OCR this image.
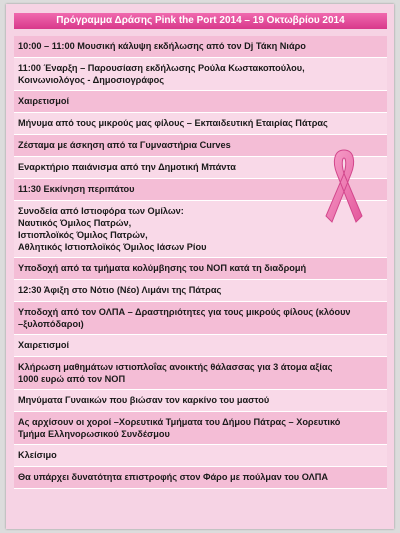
Πρόγραμμα Δράσης Pink the Port 2014 – 19 Οκτωβρίου 2014
10:00 – 11:00 Μουσική κάλυψη εκδήλωσης από τον Dj Τάκη Νιάρο
11:00 Έναρξη – Παρουσίαση εκδήλωσης Ρούλα Κωστακοπούλου,
Κοινωνιολόγος - Δημοσιογράφος
Χαιρετισμοί
Μήνυμα από τους μικρούς μας φίλους – Εκπαιδευτική Εταιρίας Πάτρας
Ζέσταμα με άσκηση από τα Γυμναστήρια Curves
Εναρκτήριο παιάνισμα από την Δημοτική Μπάντα
11:30 Εκκίνηση περιπάτου
Συνοδεία από Ιστιοφόρα των Ομίλων:
Ναυτικός Όμιλος Πατρών,
Ιστιοπλοϊκός Όμιλος Πατρών,
Αθλητικός Ιστιοπλοϊκός Όμιλος Ιάσων Ρίου
Υποδοχή από τα τμήματα κολύμβησης του ΝΟΠ κατά τη διαδρομή
12:30 Άφιξη στο Νότιο (Νέο) Λιμάνι της Πάτρας
Υποδοχή από τον ΟΛΠΑ – Δραστηριότητες για τους μικρούς φίλους (κλόουν
–ξυλοπόδαροι)
Χαιρετισμοί
Κλήρωση μαθημάτων ιστιοπλοΐας ανοικτής θάλασσας για 3 άτομα αξίας
1000 ευρώ από τον ΝΟΠ
Μηνύματα Γυναικών που βιώσαν τον καρκίνο του μαστού
Ας αρχίσουν οι χοροί –Χορευτικά Τμήματα του Δήμου Πάτρας – Χορευτικό
Τμήμα Ελληνορωσικού Συνδέσμου
Κλείσιμο
Θα υπάρχει δυνατότητα επιστροφής στον Φάρο με πούλμαν του ΟΛΠΑ
